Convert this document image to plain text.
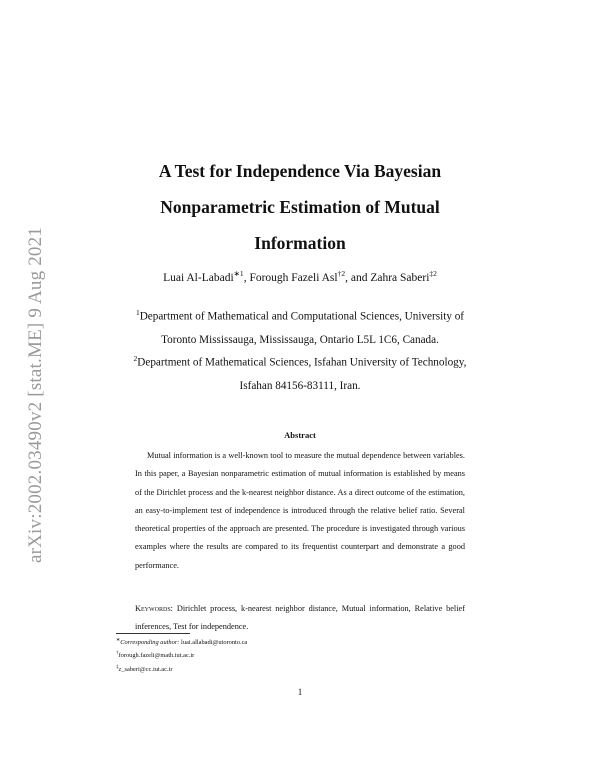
arXiv:2002.03490v2 [stat.ME] 9 Aug 2021
A Test for Independence Via Bayesian
Nonparametric Estimation of Mutual
Information
Luai Al-Labadi$^{∗1}$, Forough Fazeli Asl$^{\dagger 2}$, and Zahra Saberi$^{\ddagger 2}$
$^1$Department of Mathematical and Computational Sciences, University of
Toronto Mississauga, Mississauga, Ontario L5L 1C6, Canada.
$^2$Department of Mathematical Sciences, Isfahan University of Technology,
Isfahan 84156-83111, Iran.
Abstract
Mutual information is a well-known tool to measure the mutual dependence between variables. In this paper, a Bayesian nonparametric estimation of mutual information is established by means of the Dirichlet process and the k-nearest neighbor distance. As a direct outcome of the estimation, an easy-to-implement test of independence is introduced through the relative belief ratio. Several theoretical properties of the approach are presented. The procedure is investigated through various examples where the results are compared to its frequentist counterpart and demonstrate a good performance.
Keywords: Dirichlet process, k-nearest neighbor distance, Mutual information, Relative belief inferences, Test for independence.
∗Corresponding author: luai.allabadi@utoronto.ca
†forough.fazeli@math.iut.ac.ir
‡z_saberi@cc.iut.ac.ir
1
